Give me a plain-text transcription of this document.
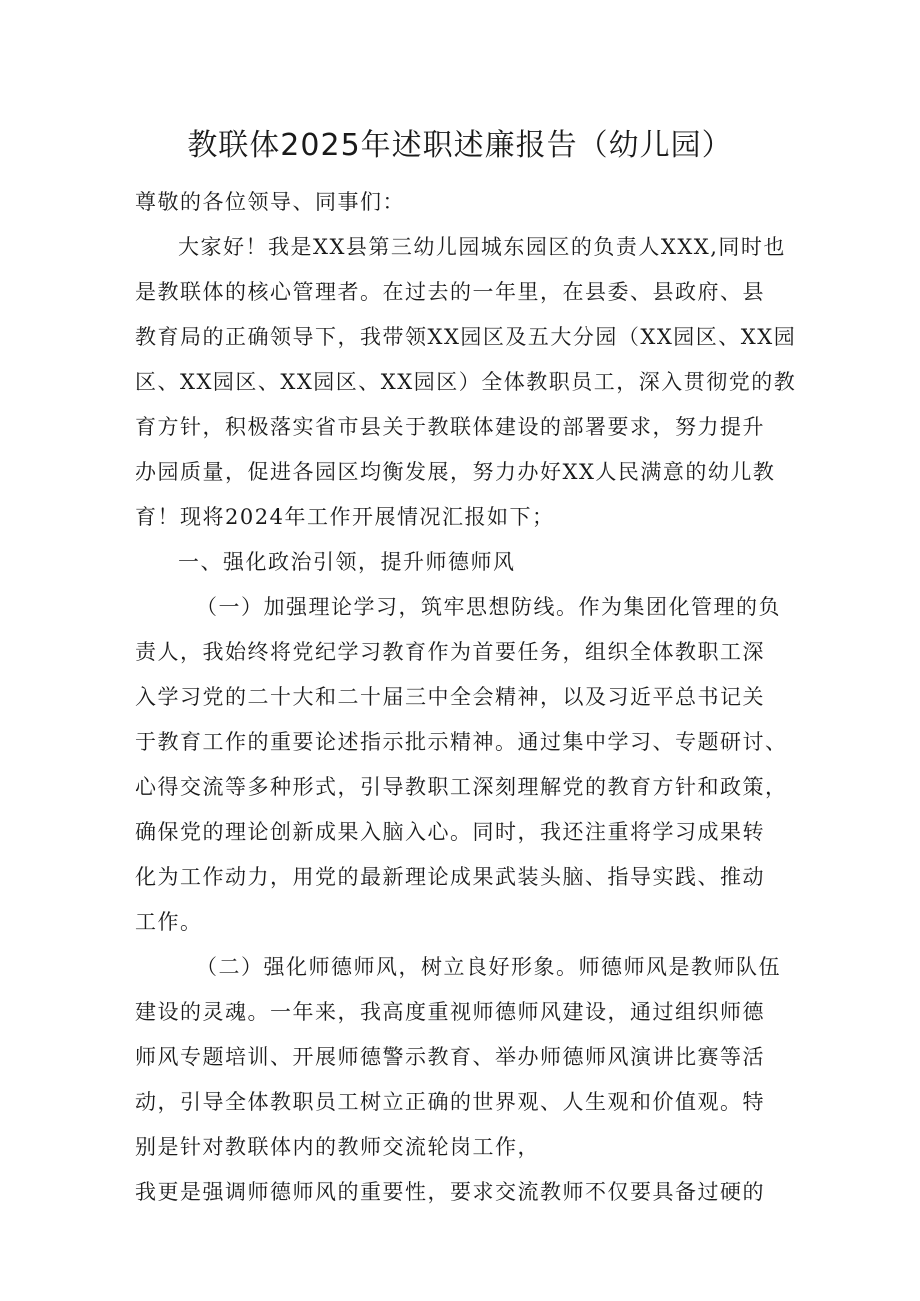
教联体2025年述职述廉报告（幼儿园）
尊敬的各位领导、同事们：
大家好！我是XX县第三幼儿园城东园区的负责人XXX,同时也
是教联体的核心管理者。在过去的一年里，在县委、县政府、县
教育局的正确领导下，我带领XX园区及五大分园（XX园区、XX园
区、XX园区、XX园区、XX园区）全体教职员工，深入贯彻党的教
育方针，积极落实省市县关于教联体建设的部署要求，努力提升
办园质量，促进各园区均衡发展，努力办好XX人民满意的幼儿教
育！现将2024年工作开展情况汇报如下；
一、强化政治引领，提升师德师风
（一）加强理论学习，筑牢思想防线。作为集团化管理的负
责人，我始终将党纪学习教育作为首要任务，组织全体教职工深
入学习党的二十大和二十届三中全会精神，以及习近平总书记关
于教育工作的重要论述指示批示精神。通过集中学习、专题研讨、
心得交流等多种形式，引导教职工深刻理解党的教育方针和政策，
确保党的理论创新成果入脑入心。同时，我还注重将学习成果转
化为工作动力，用党的最新理论成果武装头脑、指导实践、推动
工作。
（二）强化师德师风，树立良好形象。师德师风是教师队伍
建设的灵魂。一年来，我高度重视师德师风建设，通过组织师德
师风专题培训、开展师德警示教育、举办师德师风演讲比赛等活
动，引导全体教职员工树立正确的世界观、人生观和价值观。特
别是针对教联体内的教师交流轮岗工作，
我更是强调师德师风的重要性，要求交流教师不仅要具备过硬的
